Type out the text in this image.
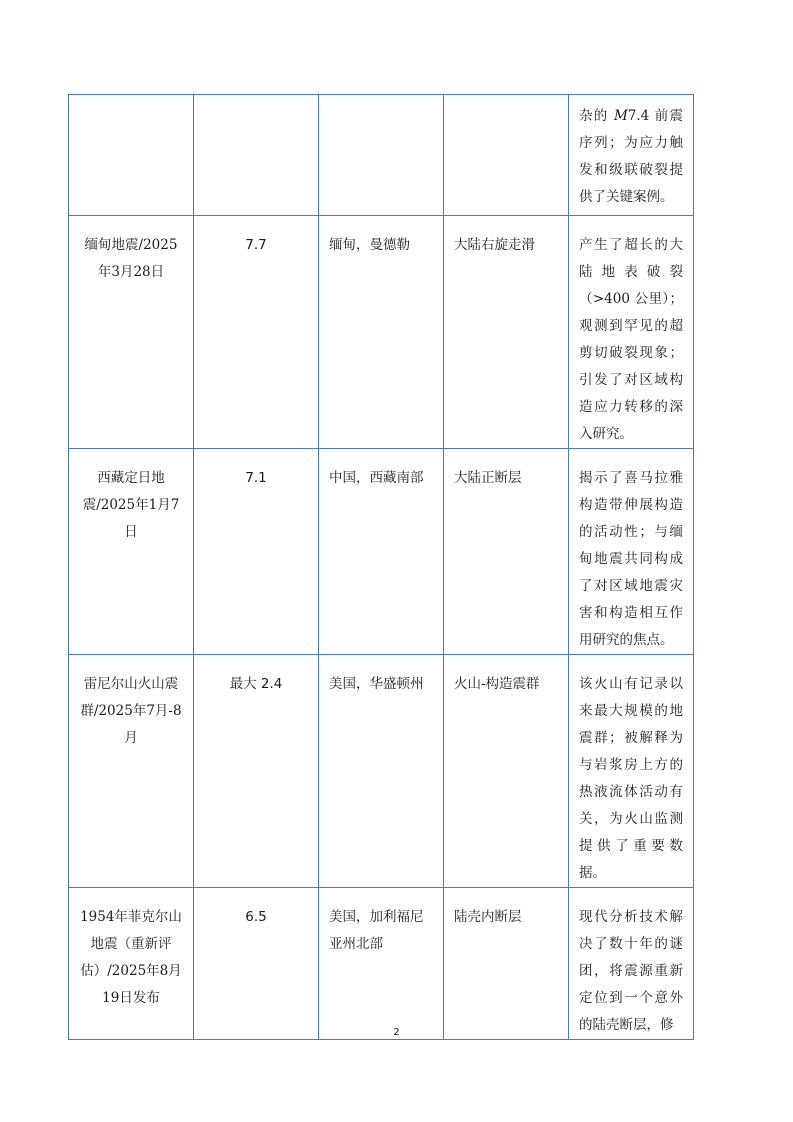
				杂的 M7.4 前震序列；为应力触发和级联破裂提供了关键案例。
缅甸地震/2025年3月28日	7.7	缅甸，曼德勒	大陆右旋走滑	产生了超长的大陆地表破裂（>400 公里）；观测到罕见的超剪切破裂现象；引发了对区域构造应力转移的深入研究。
西藏定日地震/2025年1月7日	7.1	中国，西藏南部	大陆正断层	揭示了喜马拉雅构造带伸展构造的活动性；与缅甸地震共同构成了对区域地震灾害和构造相互作用研究的焦点。
雷尼尔山火山震群/2025年7月-8月	最大 2.4	美国，华盛顿州	火山-构造震群	该火山有记录以来最大规模的地震群；被解释为与岩浆房上方的热液流体活动有关，为火山监测提供了重要数据。
1954年菲克尔山地震（重新评估）/2025年8月19日发布	6.5	美国，加利福尼亚州北部	陆壳内断层	现代分析技术解决了数十年的谜团，将震源重新定位到一个意外的陆壳断层，修
2
